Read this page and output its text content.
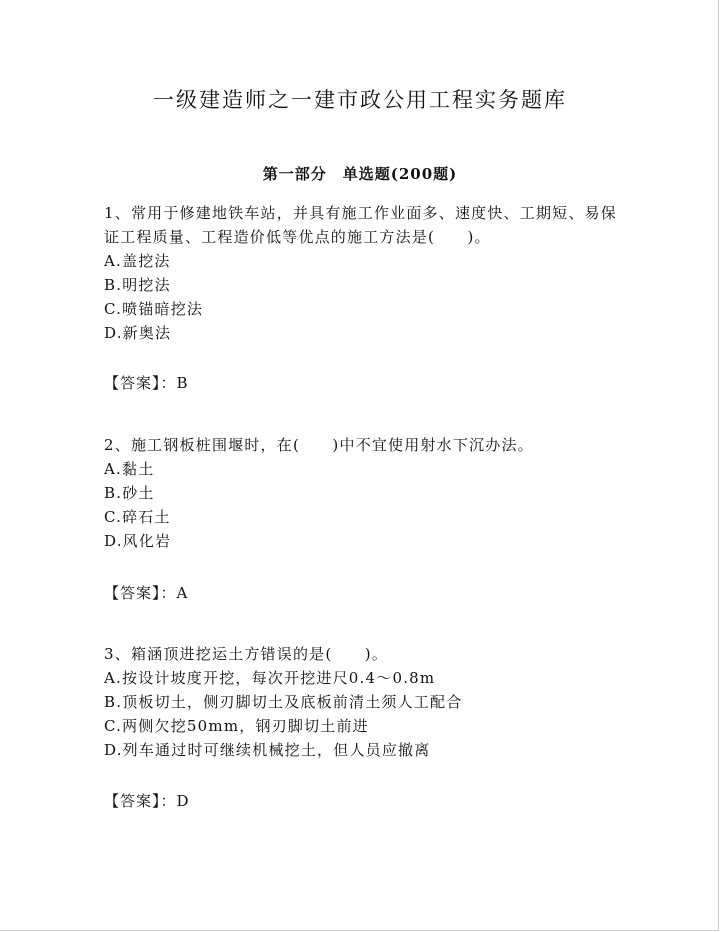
一级建造师之一建市政公用工程实务题库
第一部分　单选题(200题)
1、常用于修建地铁车站，并具有施工作业面多、速度快、工期短、易保证工程质量、工程造价低等优点的施工方法是(　　)。
A.盖挖法
B.明挖法
C.喷锚暗挖法
D.新奥法
【答案】：B
2、施工钢板桩围堰时，在(　　)中不宜使用射水下沉办法。
A.黏土
B.砂土
C.碎石土
D.风化岩
【答案】：A
3、箱涵顶进挖运土方错误的是(　　)。
A.按设计坡度开挖，每次开挖进尺0.4～0.8m
B.顶板切土，侧刃脚切土及底板前清土须人工配合
C.两侧欠挖50mm，钢刃脚切土前进
D.列车通过时可继续机械挖土，但人员应撤离
【答案】：D
